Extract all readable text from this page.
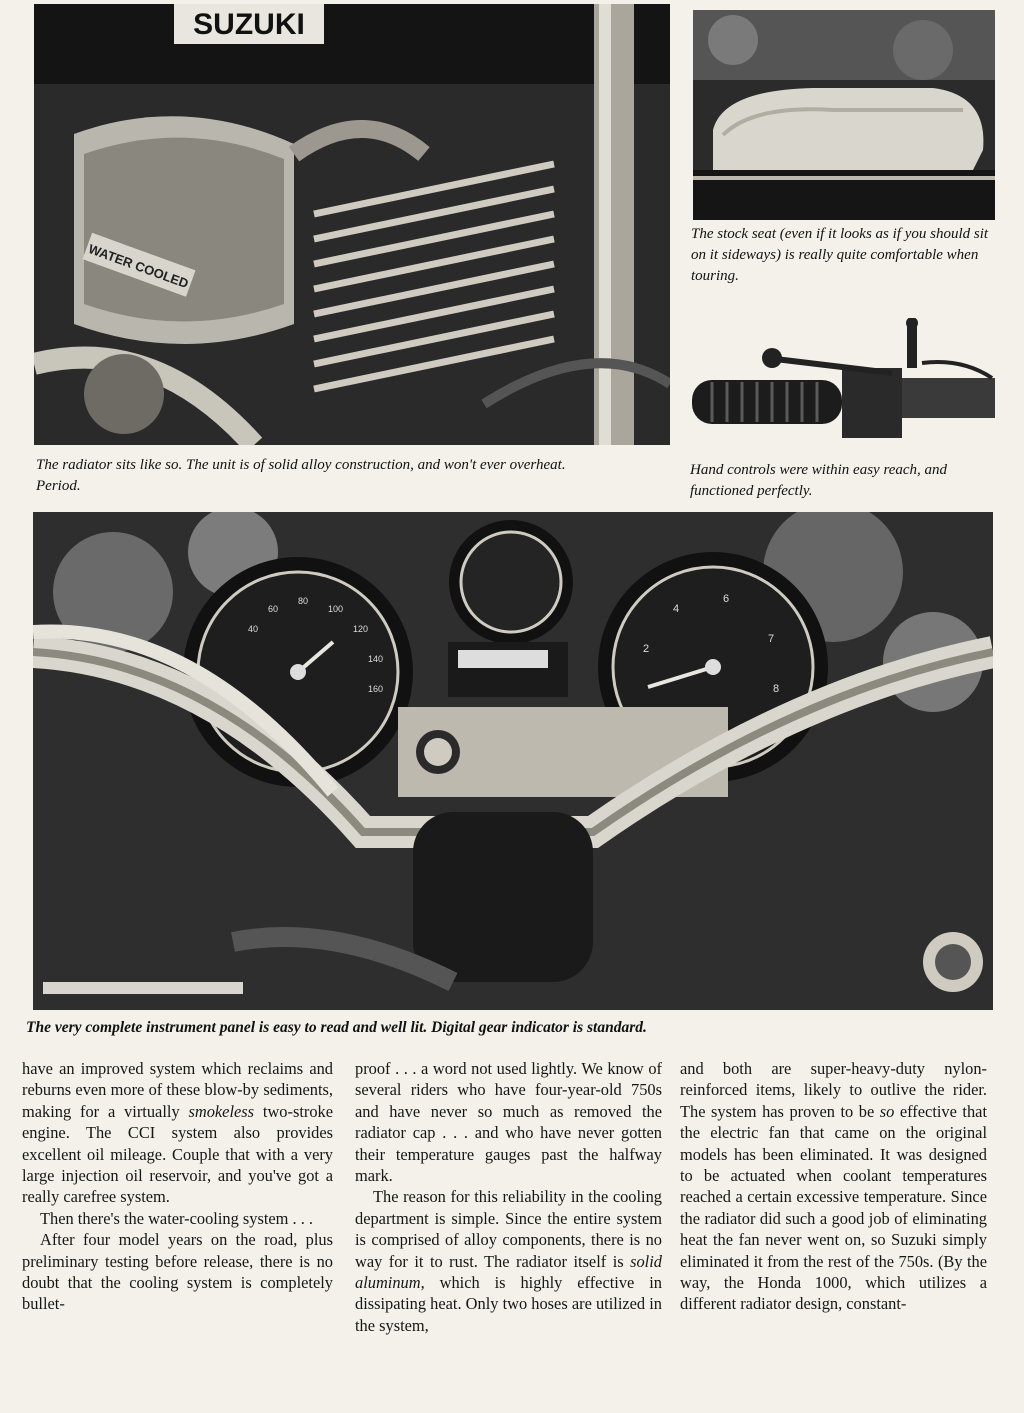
SUZUKI
WATER COOLED
The radiator sits like so. The unit is of solid alloy construction, and won't ever overheat. Period.
The stock seat (even if it looks as if you should sit on it sideways) is really quite comfortable when touring.
Hand controls were within easy reach, and functioned perfectly.
40
60
80
100
120
140
160
2
4
6
7
8
The very complete instrument panel is easy to read and well lit. Digital gear indicator is standard.

have an improved system which reclaims and reburns even more of these blow-by sediments, making for a virtually smokeless two-stroke engine. The CCI system also provides excellent oil mileage. Couple that with a very large injection oil reservoir, and you've got a really carefree system.

Then there's the water-cooling system . . .

After four model years on the road, plus preliminary testing before release, there is no doubt that the cooling system is completely bullet-

proof . . . a word not used lightly. We know of several riders who have four-year-old 750s and have never so much as removed the radiator cap . . . and who have never gotten their temperature gauges past the halfway mark.

The reason for this reliability in the cooling department is simple. Since the entire system is comprised of alloy components, there is no way for it to rust. The radiator itself is solid aluminum, which is highly effective in dissipating heat. Only two hoses are utilized in the system,

and both are super-heavy-duty nylon-reinforced items, likely to outlive the rider. The system has proven to be so effective that the electric fan that came on the original models has been eliminated. It was designed to be actuated when coolant temperatures reached a certain excessive temperature. Since the radiator did such a good job of eliminating heat the fan never went on, so Suzuki simply eliminated it from the rest of the 750s. (By the way, the Honda 1000, which utilizes a different radiator design, constant-
